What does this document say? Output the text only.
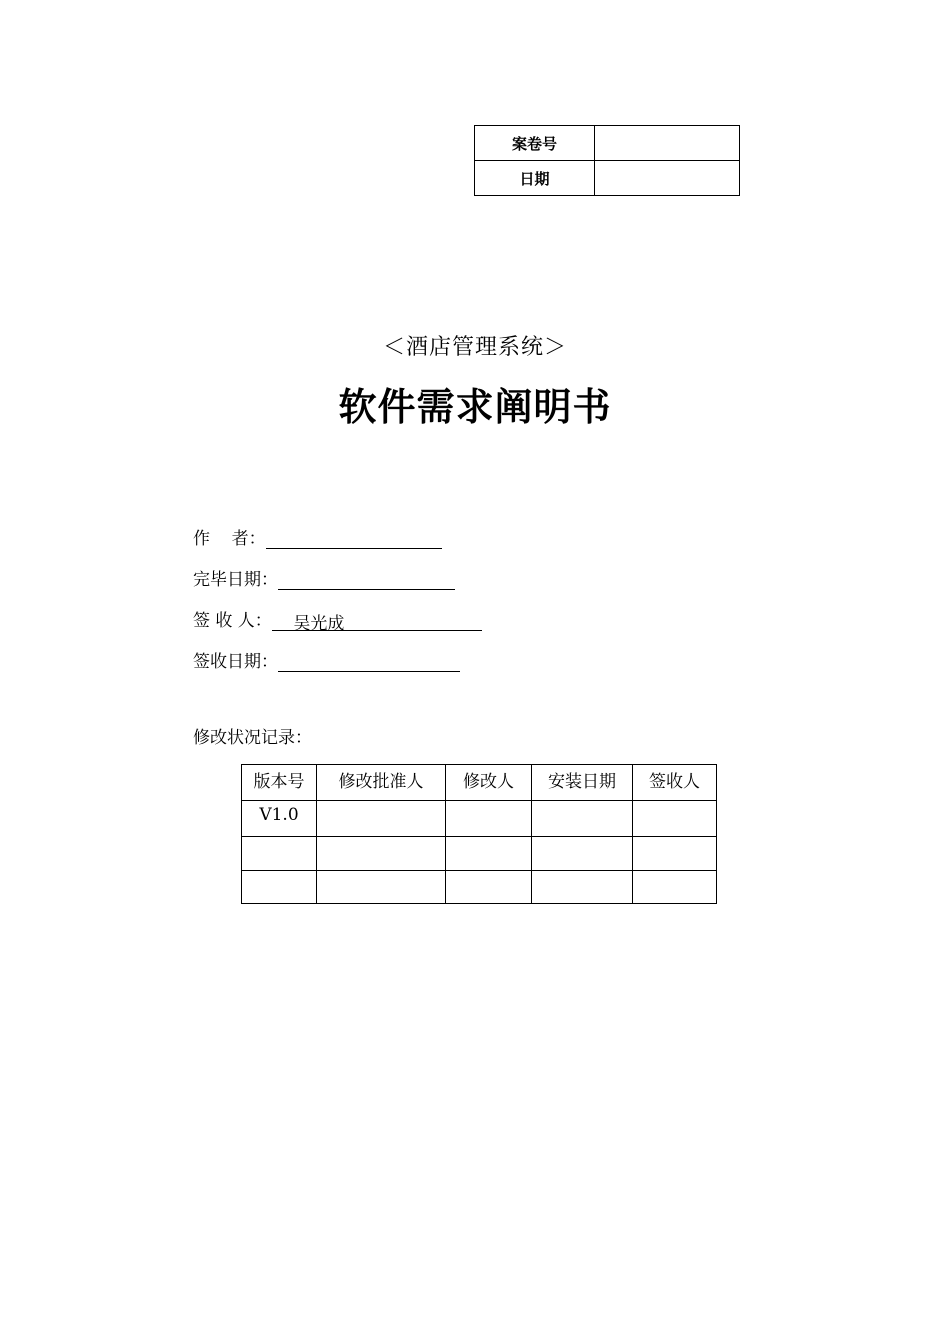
案卷号	
日期	
＜酒店管理系统＞
软件需求阐明书
作    者：
完毕日期：
签 收 人： 吴光成
签收日期：
修改状况记录：
版本号	修改批准人	修改人	安装日期	签收人
V1.0				
